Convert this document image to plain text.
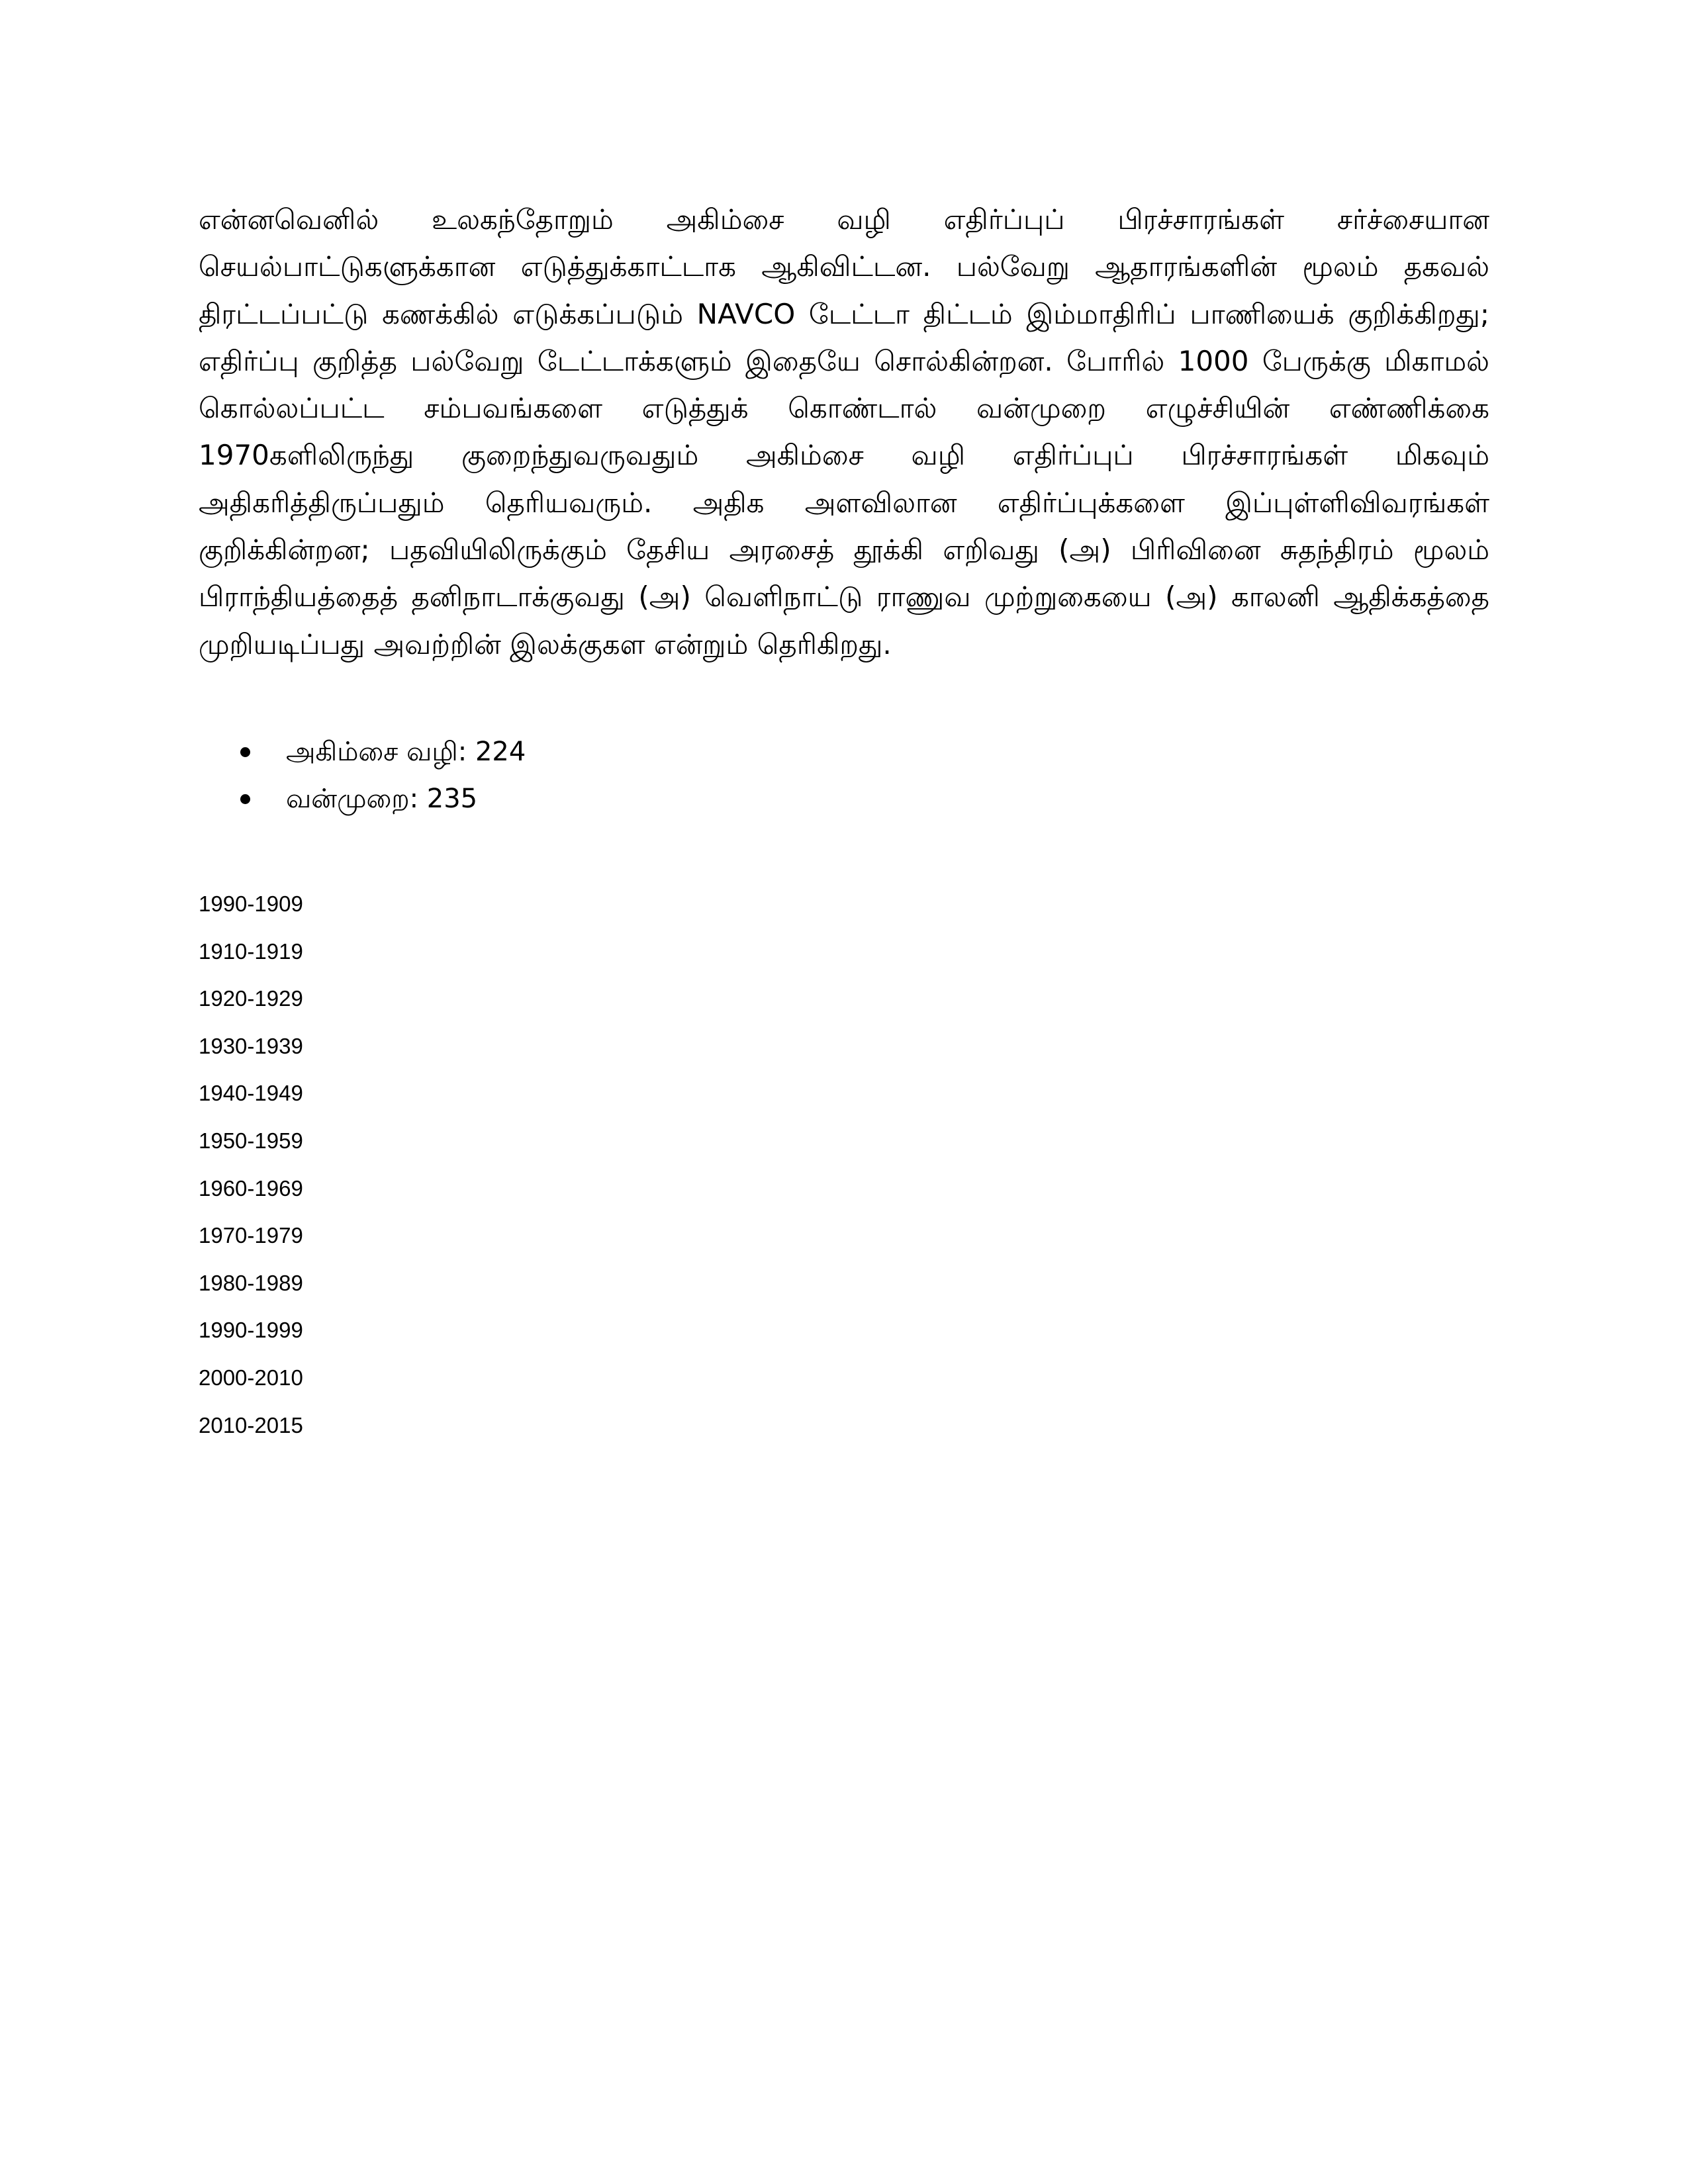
என்னவெனில் உலகந்தோறும் அகிம்சை வழி எதிர்ப்புப் பிரச்சாரங்கள் சர்ச்சையான செயல்பாட்டுகளுக்கான எடுத்துக்காட்டாக ஆகிவிட்டன. பல்வேறு ஆதாரங்களின் மூலம் தகவல் திரட்டப்பட்டு கணக்கில் எடுக்கப்படும் NAVCO டேட்டா திட்டம் இம்மாதிரிப் பாணியைக் குறிக்கிறது; எதிர்ப்பு குறித்த பல்வேறு டேட்டாக்களும் இதையே சொல்கின்றன. போரில் 1000 பேருக்கு மிகாமல் கொல்லப்பட்ட சம்பவங்களை எடுத்துக் கொண்டால் வன்முறை எழுச்சியின் எண்ணிக்கை 1970களிலிருந்து குறைந்துவருவதும் அகிம்சை வழி எதிர்ப்புப் பிரச்சாரங்கள் மிகவும் அதிகரித்திருப்பதும் தெரியவரும். அதிக அளவிலான எதிர்ப்புக்களை இப்புள்ளிவிவரங்கள் குறிக்கின்றன; பதவியிலிருக்கும் தேசிய அரசைத் தூக்கி எறிவது (அ) பிரிவினை சுதந்திரம் மூலம் பிராந்தியத்தைத் தனிநாடாக்குவது (அ) வெளிநாட்டு ராணுவ முற்றுகையை (அ) காலனி ஆதிக்கத்தை முறியடிப்பது அவற்றின் இலக்குகள என்றும் தெரிகிறது.

அகிம்சை வழி: 224
வன்முறை: 235
1990-1909
1910-1919
1920-1929
1930-1939
1940-1949
1950-1959
1960-1969
1970-1979
1980-1989
1990-1999
2000-2010
2010-2015
